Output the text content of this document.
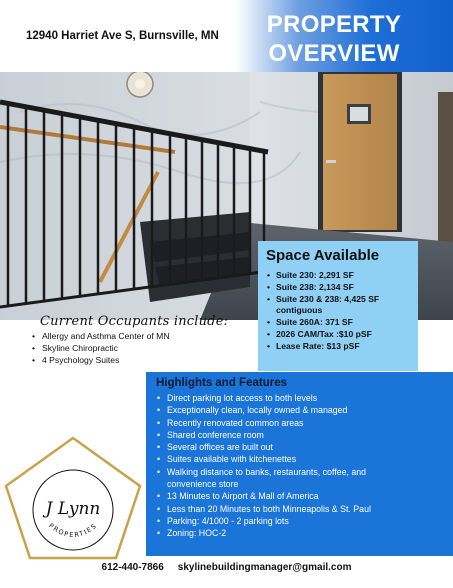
12940 Harriet Ave S, Burnsville, MN	PROPERTY
OVERVIEW
Space Available
• Suite 230: 2,291 SF
• Suite 238: 2,134 SF
• Suite 230 & 238: 4,425 SF
contiguous
• Suite 260A: 371 SF
• 2026 CAM/Tax :$10 pSF
• Lease Rate: $13 pSF
Current Occupants include:
• Allergy and Asthma Center of MN
• Skyline Chiropractic
• 4 Psychology Suites
Highlights and Features
• Direct parking lot access to both levels
• Exceptionally clean, locally owned & managed
• Recently renovated common areas
• Shared conference room
• Several offices are built out
• Suites available with kitchenettes
• Walking distance to banks, restaurants, coffee, and
convenience store
• 13 Minutes to Airport & Mall of America
• Less than 20 Minutes to both Minneapolis & St. Paul
• Parking: 4/1000 - 2 parking lots
• Zoning: HOC-2
J Lynn
PROPERTIES
612-440-7866 skylinebuildingmanager@gmail.com
